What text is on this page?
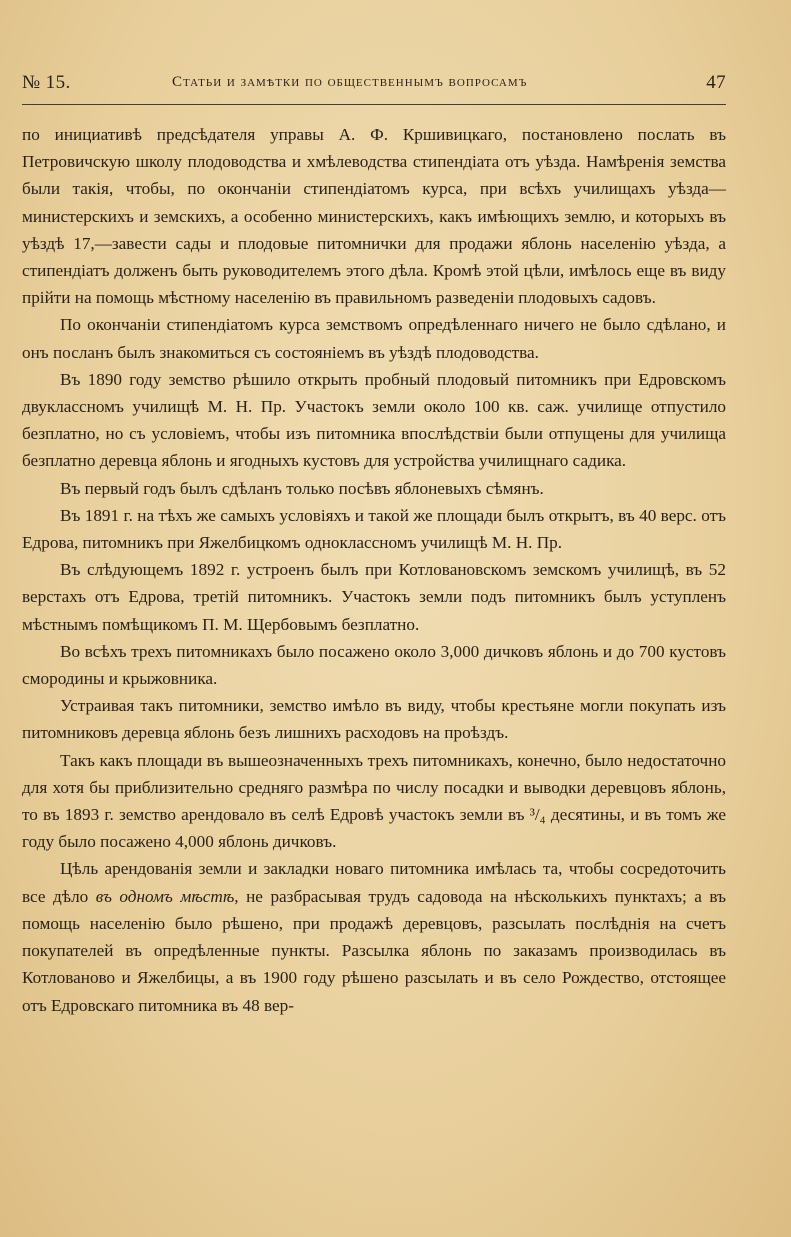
№ 15.	Статьи и замѣтки по общественнымъ вопросамъ	47

по инициативѣ предсѣдателя управы А. Ф. Кршивицкаго, постановлено послать въ Петровичскую школу плодоводства и хмѣлеводства стипендіата отъ уѣзда. Намѣренія земства были такія, чтобы, по окончаніи стипендіатомъ курса, при всѣхъ училищахъ уѣзда—министерскихъ и земскихъ, а особенно министерскихъ, какъ имѣющихъ землю, и которыхъ въ уѣздѣ 17,—завести сады и плодовые питомнички для продажи яблонь населенію уѣзда, а стипендіатъ долженъ быть руководителемъ этого дѣла. Кромѣ этой цѣли, имѣлось еще въ виду прійти на помощь мѣстному населенію въ правильномъ разведеніи плодовыхъ садовъ.

По окончаніи стипендіатомъ курса земствомъ опредѣленнаго ничего не было сдѣлано, и онъ посланъ былъ знакомиться съ состояніемъ въ уѣздѣ плодоводства.

Въ 1890 году земство рѣшило открыть пробный плодовый питомникъ при Едровскомъ двуклассномъ училищѣ М. Н. Пр. Участокъ земли около 100 кв. саж. училище отпустило безплатно, но съ условіемъ, чтобы изъ питомника впослѣдствіи были отпущены для училища безплатно деревца яблонь и ягодныхъ кустовъ для устройства училищнаго садика.

Въ первый годъ былъ сдѣланъ только посѣвъ яблоневыхъ сѣмянъ.

Въ 1891 г. на тѣхъ же самыхъ условіяхъ и такой же площади былъ открытъ, въ 40 верс. отъ Едрова, питомникъ при Яжелбицкомъ одноклассномъ училищѣ М. Н. Пр.

Въ слѣдующемъ 1892 г. устроенъ былъ при Котловановскомъ земскомъ училищѣ, въ 52 верстахъ отъ Едрова, третій питомникъ. Участокъ земли подъ питомникъ былъ уступленъ мѣстнымъ помѣщикомъ П. М. Щербовымъ безплатно.

Во всѣхъ трехъ питомникахъ было посажено около 3,000 дичковъ яблонь и до 700 кустовъ смородины и крыжовника.

Устраивая такъ питомники, земство имѣло въ виду, чтобы крестьяне могли покупать изъ питомниковъ деревца яблонь безъ лишнихъ расходовъ на проѣздъ.

Такъ какъ площади въ вышеозначенныхъ трехъ питомникахъ, конечно, было недостаточно для хотя бы приблизительно средняго размѣра по числу посадки и выводки деревцовъ яблонь, то въ 1893 г. земство арендовало въ селѣ Едровѣ участокъ земли въ ³/₄ десятины, и въ томъ же году было посажено 4,000 яблонь дичковъ.

Цѣль арендованія земли и закладки новаго питомника имѣлась та, чтобы сосредоточить все дѣло въ одномъ мѣстѣ, не разбрасывая трудъ садовода на нѣсколькихъ пунктахъ; а въ помощь населенію было рѣшено, при продажѣ деревцовъ, разсылать послѣднія на счетъ покупателей въ опредѣленные пункты. Разсылка яблонь по заказамъ производилась въ Котлованово и Яжелбицы, а въ 1900 году рѣшено разсылать и въ село Рождество, отстоящее отъ Едровскаго питомника въ 48 вер-
